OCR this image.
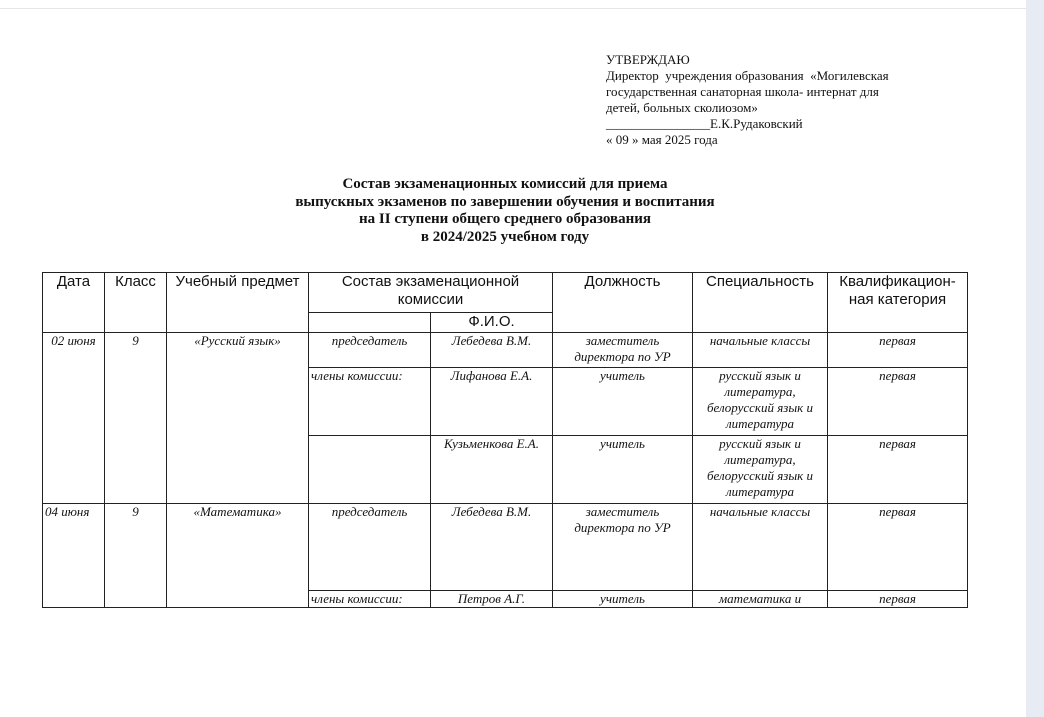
УТВЕРЖДАЮ
Директор  учреждения образования  «Могилевская
государственная санаторная школа- интернат для
детей, больных сколиозом»
________________Е.К.Рудаковский
« 09 » мая 2025 года
Состав экзаменационных комиссий для приема
выпускных экзаменов по завершении обучения и воспитания
на II ступени общего среднего образования
в 2024/2025 учебном году
Дата	Класс	Учебный предмет	Состав экзаменационной комиссии		Должность	Специальность	Квалификацион-ная категория
				Ф.И.О.			
02 июня	9	«Русский язык»	председатель	Лебедева В.М.	заместитель директора по УР	начальные классы	первая
			члены комиссии:	Лифанова Е.А.	учитель	русский язык и литература, белорусский язык и литература	первая
				Кузьменкова Е.А.	учитель	русский язык и литература, белорусский язык и литература	первая
04 июня	9	«Математика»	председатель	Лебедева В.М.	заместитель директора по УР	начальные классы	первая
			члены комиссии:	Петров А.Г.	учитель	математика и	первая
